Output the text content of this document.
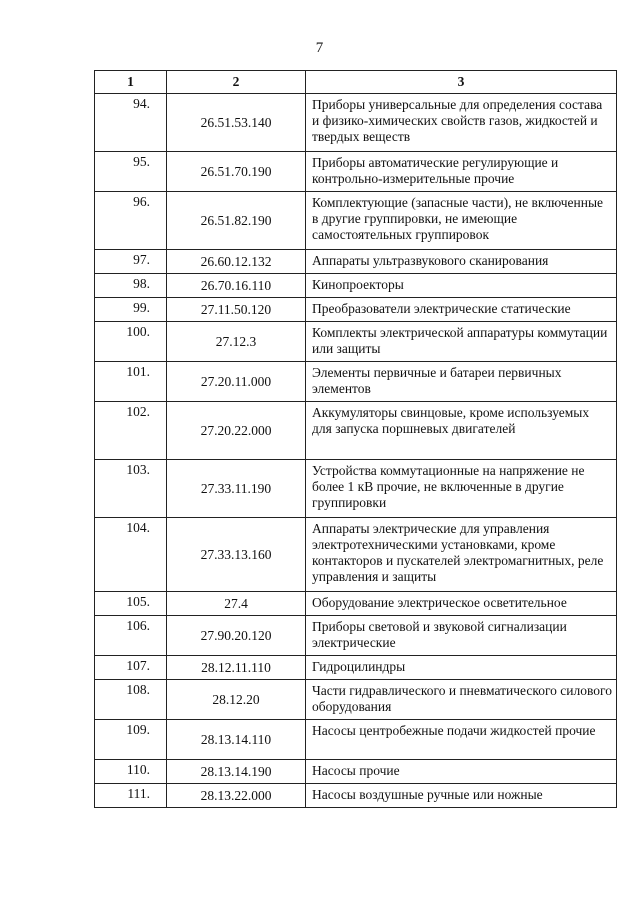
7
1	2	3
94.	26.51.53.140	Приборы универсальные для определения состава и физико-химических свойств газов, жидкостей и твердых веществ
95.	26.51.70.190	Приборы автоматические регулирующие и контрольно-измерительные прочие
96.	26.51.82.190	Комплектующие (запасные части), не включенные в другие группировки, не имеющие самостоятельных группировок
97.	26.60.12.132	Аппараты ультразвукового сканирования
98.	26.70.16.110	Кинопроекторы
99.	27.11.50.120	Преобразователи электрические статические
100.	27.12.3	Комплекты электрической аппаратуры коммутации или защиты
101.	27.20.11.000	Элементы первичные и батареи первичных элементов
102.	27.20.22.000	Аккумуляторы свинцовые, кроме используемых для запуска поршневых двигателей
103.	27.33.11.190	Устройства коммутационные на напряжение не более 1 кВ прочие, не включенные в другие группировки
104.	27.33.13.160	Аппараты электрические для управления электротехническими установками, кроме контакторов и пускателей электромагнитных, реле управления и защиты
105.	27.4	Оборудование электрическое осветительное
106.	27.90.20.120	Приборы световой и звуковой сигнализации электрические
107.	28.12.11.110	Гидроцилиндры
108.	28.12.20	Части гидравлического и пневматического силового оборудования
109.	28.13.14.110	Насосы центробежные подачи жидкостей прочие
110.	28.13.14.190	Насосы прочие
111.	28.13.22.000	Насосы воздушные ручные или ножные
